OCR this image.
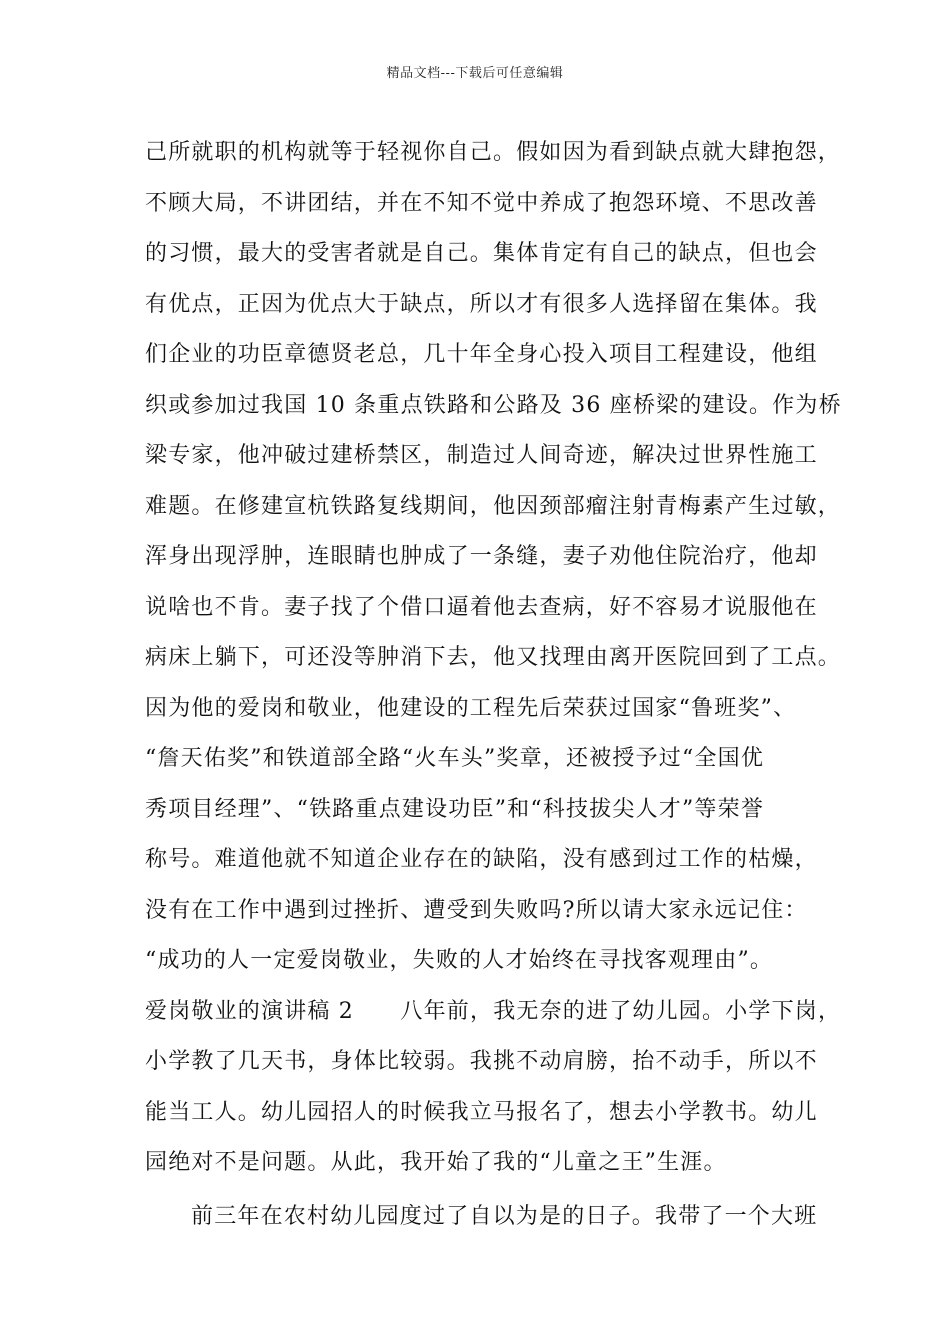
精品文档---下载后可任意编辑
己所就职的机构就等于轻视你自己。假如因为看到缺点就大肆抱怨，
不顾大局，不讲团结，并在不知不觉中养成了抱怨环境、不思改善
的习惯，最大的受害者就是自己。集体肯定有自己的缺点，但也会
有优点，正因为优点大于缺点，所以才有很多人选择留在集体。我
们企业的功臣章德贤老总，几十年全身心投入项目工程建设，他组
织或参加过我国 10 条重点铁路和公路及 36 座桥梁的建设。作为桥
梁专家，他冲破过建桥禁区，制造过人间奇迹，解决过世界性施工
难题。在修建宣杭铁路复线期间，他因颈部瘤注射青梅素产生过敏，
浑身出现浮肿，连眼睛也肿成了一条缝，妻子劝他住院治疗，他却
说啥也不肯。妻子找了个借口逼着他去查病，好不容易才说服他在
病床上躺下，可还没等肿消下去，他又找理由离开医院回到了工点。
因为他的爱岗和敬业，他建设的工程先后荣获过国家“鲁班奖”、
“詹天佑奖”和铁道部全路“火车头”奖章，还被授予过“全国优
秀项目经理”、“铁路重点建设功臣”和“科技拔尖人才”等荣誉
称号。难道他就不知道企业存在的缺陷，没有感到过工作的枯燥，
没有在工作中遇到过挫折、遭受到失败吗?所以请大家永远记住：
“成功的人一定爱岗敬业，失败的人才始终在寻找客观理由”。
爱岗敬业的演讲稿 2　　八年前，我无奈的进了幼儿园。小学下岗，
小学教了几天书，身体比较弱。我挑不动肩膀，抬不动手，所以不
能当工人。幼儿园招人的时候我立马报名了，想去小学教书。幼儿
园绝对不是问题。从此，我开始了我的“儿童之王”生涯。
前三年在农村幼儿园度过了自以为是的日子。我带了一个大班
